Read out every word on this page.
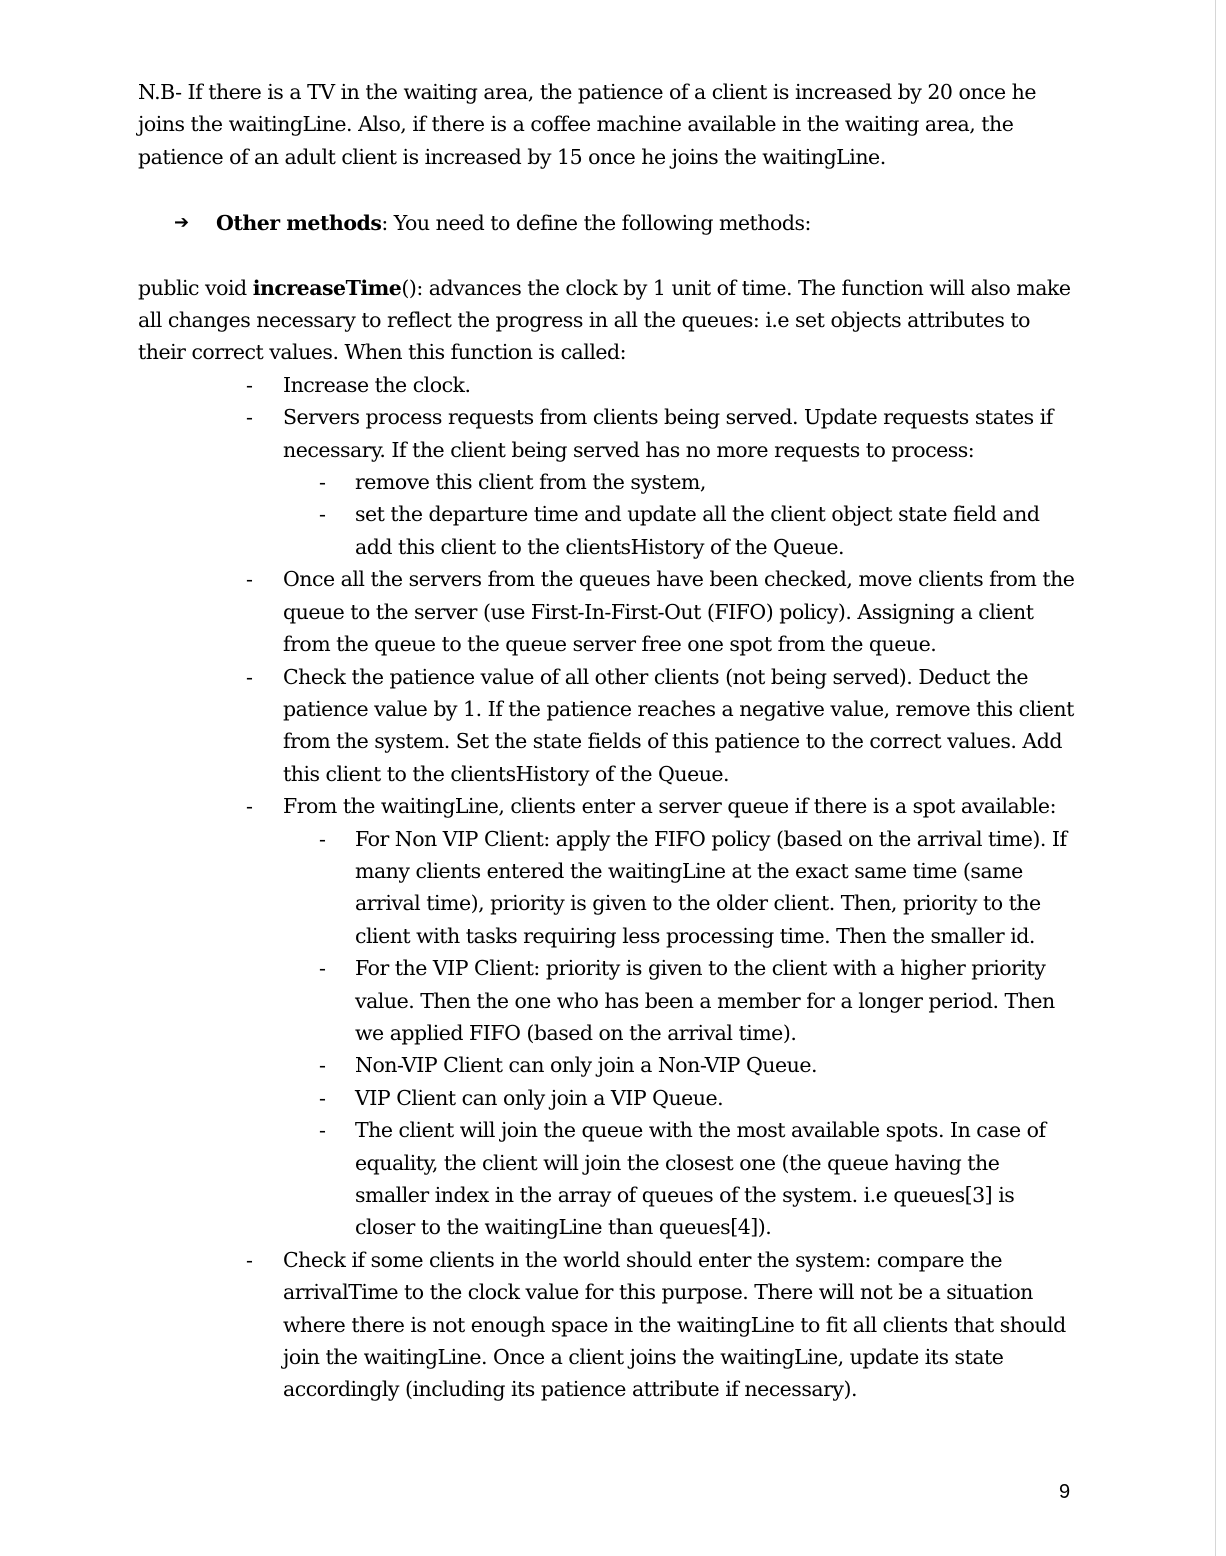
N.B- If there is a TV in the waiting area, the patience of a client is increased by 20 once he joins the waitingLine. Also, if there is a coffee machine available in the waiting area, the patience of an adult client is increased by 15 once he joins the waitingLine.

➔ Other methods: You need to define the following methods:

public void increaseTime(): advances the clock by 1 unit of time. The function will also make all changes necessary to reflect the progress in all the queues: i.e set objects attributes to their correct values. When this function is called:

- Increase the clock.
- Servers process requests from clients being served. Update requests states if necessary. If the client being served has no more requests to process:
- remove this client from the system,
- set the departure time and update all the client object state field and add this client to the clientsHistory of the Queue.
- Once all the servers from the queues have been checked, move clients from the queue to the server (use First-In-First-Out (FIFO) policy). Assigning a client from the queue to the queue server free one spot from the queue.
- Check the patience value of all other clients (not being served). Deduct the patience value by 1. If the patience reaches a negative value, remove this client from the system. Set the state fields of this patience to the correct values. Add this client to the clientsHistory of the Queue.
- From the waitingLine, clients enter a server queue if there is a spot available:
- For Non VIP Client: apply the FIFO policy (based on the arrival time). If many clients entered the waitingLine at the exact same time (same arrival time), priority is given to the older client. Then, priority to the client with tasks requiring less processing time. Then the smaller id.
- For the VIP Client: priority is given to the client with a higher priority value. Then the one who has been a member for a longer period. Then we applied FIFO (based on the arrival time).
- Non-VIP Client can only join a Non-VIP Queue.
- VIP Client can only join a VIP Queue.
- The client will join the queue with the most available spots. In case of equality, the client will join the closest one (the queue having the smaller index in the array of queues of the system. i.e queues[3] is closer to the waitingLine than queues[4]).
- Check if some clients in the world should enter the system: compare the arrivalTime to the clock value for this purpose. There will not be a situation where there is not enough space in the waitingLine to fit all clients that should join the waitingLine. Once a client joins the waitingLine, update its state accordingly (including its patience attribute if necessary).
9
